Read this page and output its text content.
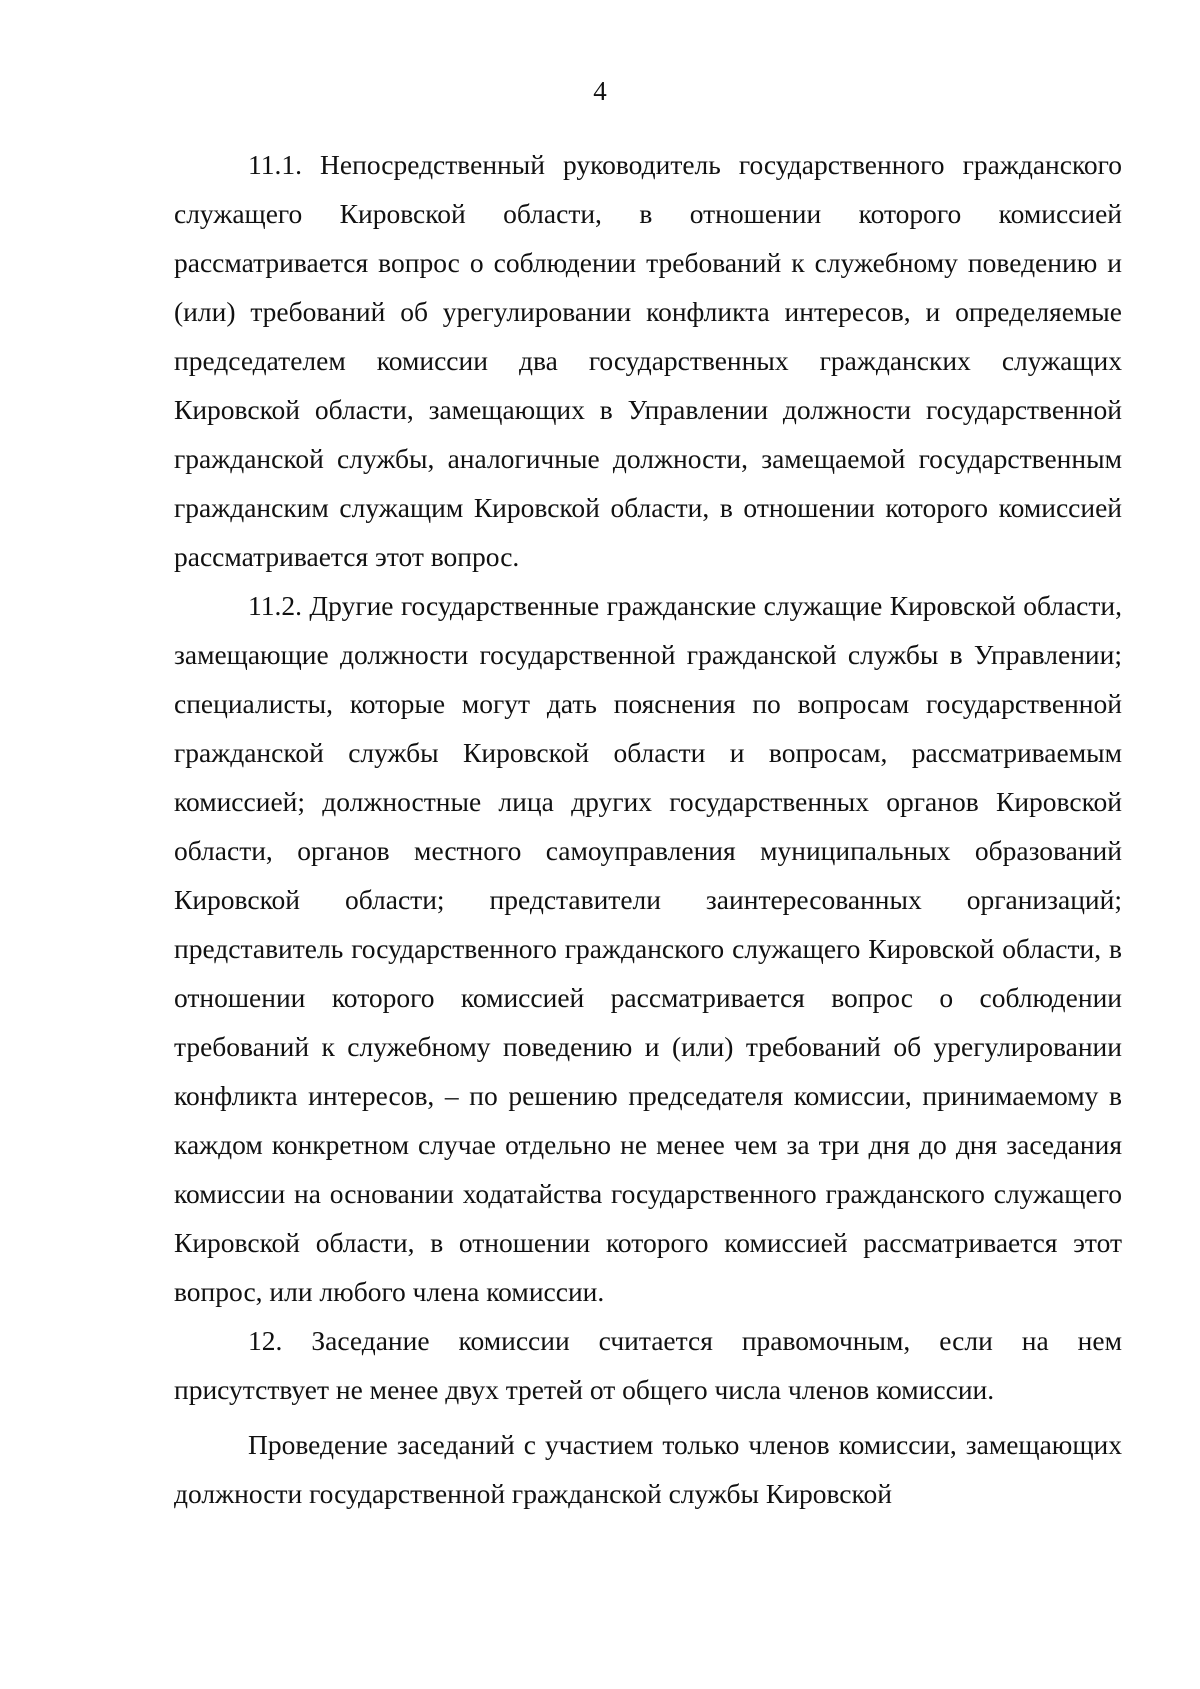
4

11.1. Непосредственный руководитель государственного гражданского служащего Кировской области, в отношении которого комиссией рассматривается вопрос о соблюдении требований к служебному поведению и (или) требований об урегулировании конфликта интересов, и определяемые председателем комиссии два государственных гражданских служащих Кировской области, замещающих в Управлении должности государственной гражданской службы, аналогичные должности, замещаемой государственным гражданским служащим Кировской области, в отношении которого комиссией рассматривается этот вопрос.

11.2. Другие государственные гражданские служащие Кировской области, замещающие должности государственной гражданской службы в Управлении; специалисты, которые могут дать пояснения по вопросам государственной гражданской службы Кировской области и вопросам, рассматриваемым комиссией; должностные лица других государственных органов Кировской области, органов местного самоуправления муниципальных образований Кировской области; представители заинтересованных организаций; представитель государственного гражданского служащего Кировской области, в отношении которого комиссией рассматривается вопрос о соблюдении требований к служебному поведению и (или) требований об урегулировании конфликта интересов, – по решению председателя комиссии, принимаемому в каждом конкретном случае отдельно не менее чем за три дня до дня заседания комиссии на основании ходатайства государственного гражданского служащего Кировской области, в отношении которого комиссией рассматривается этот вопрос, или любого члена комиссии.

12. Заседание комиссии считается правомочным, если на нем присутствует не менее двух третей от общего числа членов комиссии.

Проведение заседаний с участием только членов комиссии, замещающих должности государственной гражданской службы Кировской
